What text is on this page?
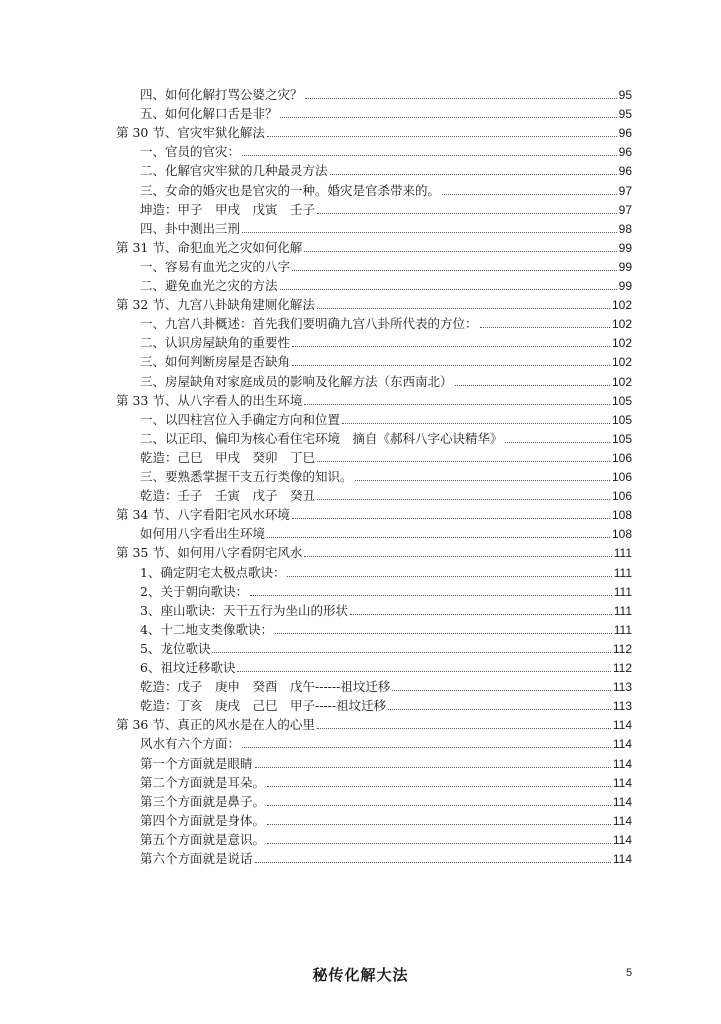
四、如何化解打骂公婆之灾？	95
五、如何化解口舌是非？	95
第 30 节、官灾牢狱化解法	96
一、官员的官灾：	96
二、化解官灾牢狱的几种最灵方法	96
三、女命的婚灾也是官灾的一种。婚灾是官杀带来的。	97
坤造：甲子　甲戌　戊寅　壬子	97
四、卦中测出三刑	98
第 31 节、命犯血光之灾如何化解	99
一、容易有血光之灾的八字	99
二、避免血光之灾的方法	99
第 32 节、九宫八卦缺角建厕化解法	102
一、九宫八卦概述：首先我们要明确九宫八卦所代表的方位：	102
二、认识房屋缺角的重要性	102
三、如何判断房屋是否缺角	102
三、房屋缺角对家庭成员的影响及化解方法（东西南北）	102
第 33 节、从八字看人的出生环境	105
一、以四柱宫位入手确定方向和位置	105
二、以正印、偏印为核心看住宅环境　摘自《郝科八字心诀精华》	105
乾造：己巳　甲戌　癸卯　丁巳	106
三、要熟悉掌握干支五行类像的知识。	106
乾造：壬子　壬寅　戊子　癸丑	106
第 34 节、八字看阳宅风水环境	108
如何用八字看出生环境	108
第 35 节、如何用八字看阴宅风水	111
1、确定阴宅太极点歌诀：	111
2、关于朝向歌诀：	111
3、座山歌诀：天干五行为坐山的形状	111
4、十二地支类像歌诀：	111
5、龙位歌诀	112
6、祖坟迁移歌诀	112
乾造：戊子　庚申　癸酉　戊午------祖坟迁移	113
乾造：丁亥　庚戌　己巳　甲子-----祖坟迁移	113
第 36 节、真正的风水是在人的心里	114
风水有六个方面：	114
第一个方面就是眼睛	114
第二个方面就是耳朵。	114
第三个方面就是鼻子。	114
第四个方面就是身体。	114
第五个方面就是意识。	114
第六个方面就是说话	114
秘传化解大法	5
